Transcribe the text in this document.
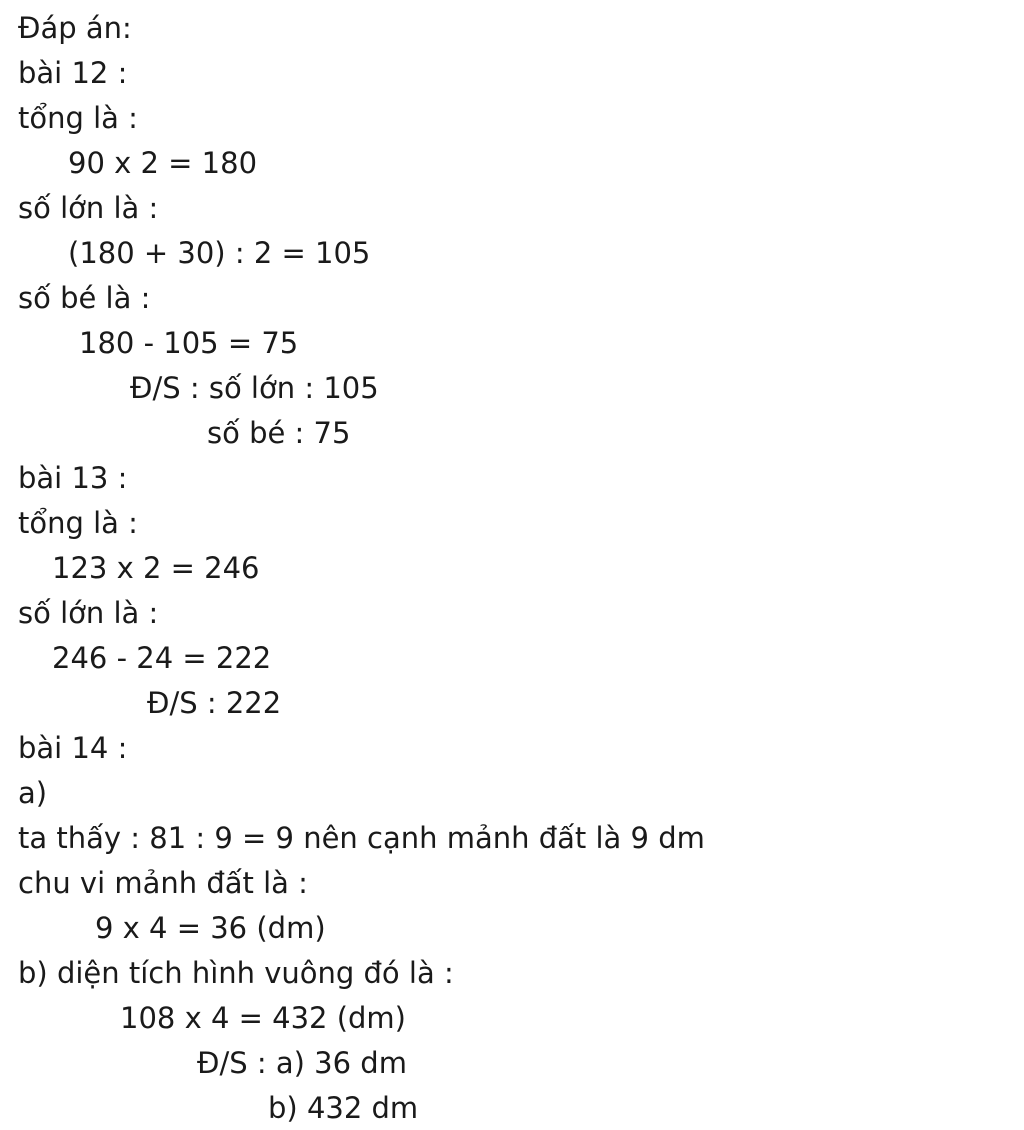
Đáp án:
bài 12 :
tổng là :
90 x 2 = 180
số lớn là :
(180 + 30) : 2 = 105
số bé là :
180 - 105 = 75
Đ/S : số lớn : 105
số bé : 75
bài 13 :
tổng là :
123 x 2 = 246
số lớn là :
246 - 24 = 222
Đ/S : 222
bài 14 :
a)
ta thấy : 81 : 9 = 9 nên cạnh mảnh đất là 9 dm
chu vi mảnh đất là :
9 x 4 = 36 (dm)
b) diện tích hình vuông đó là :
108 x 4 = 432 (dm)
Đ/S : a) 36 dm
b) 432 dm
